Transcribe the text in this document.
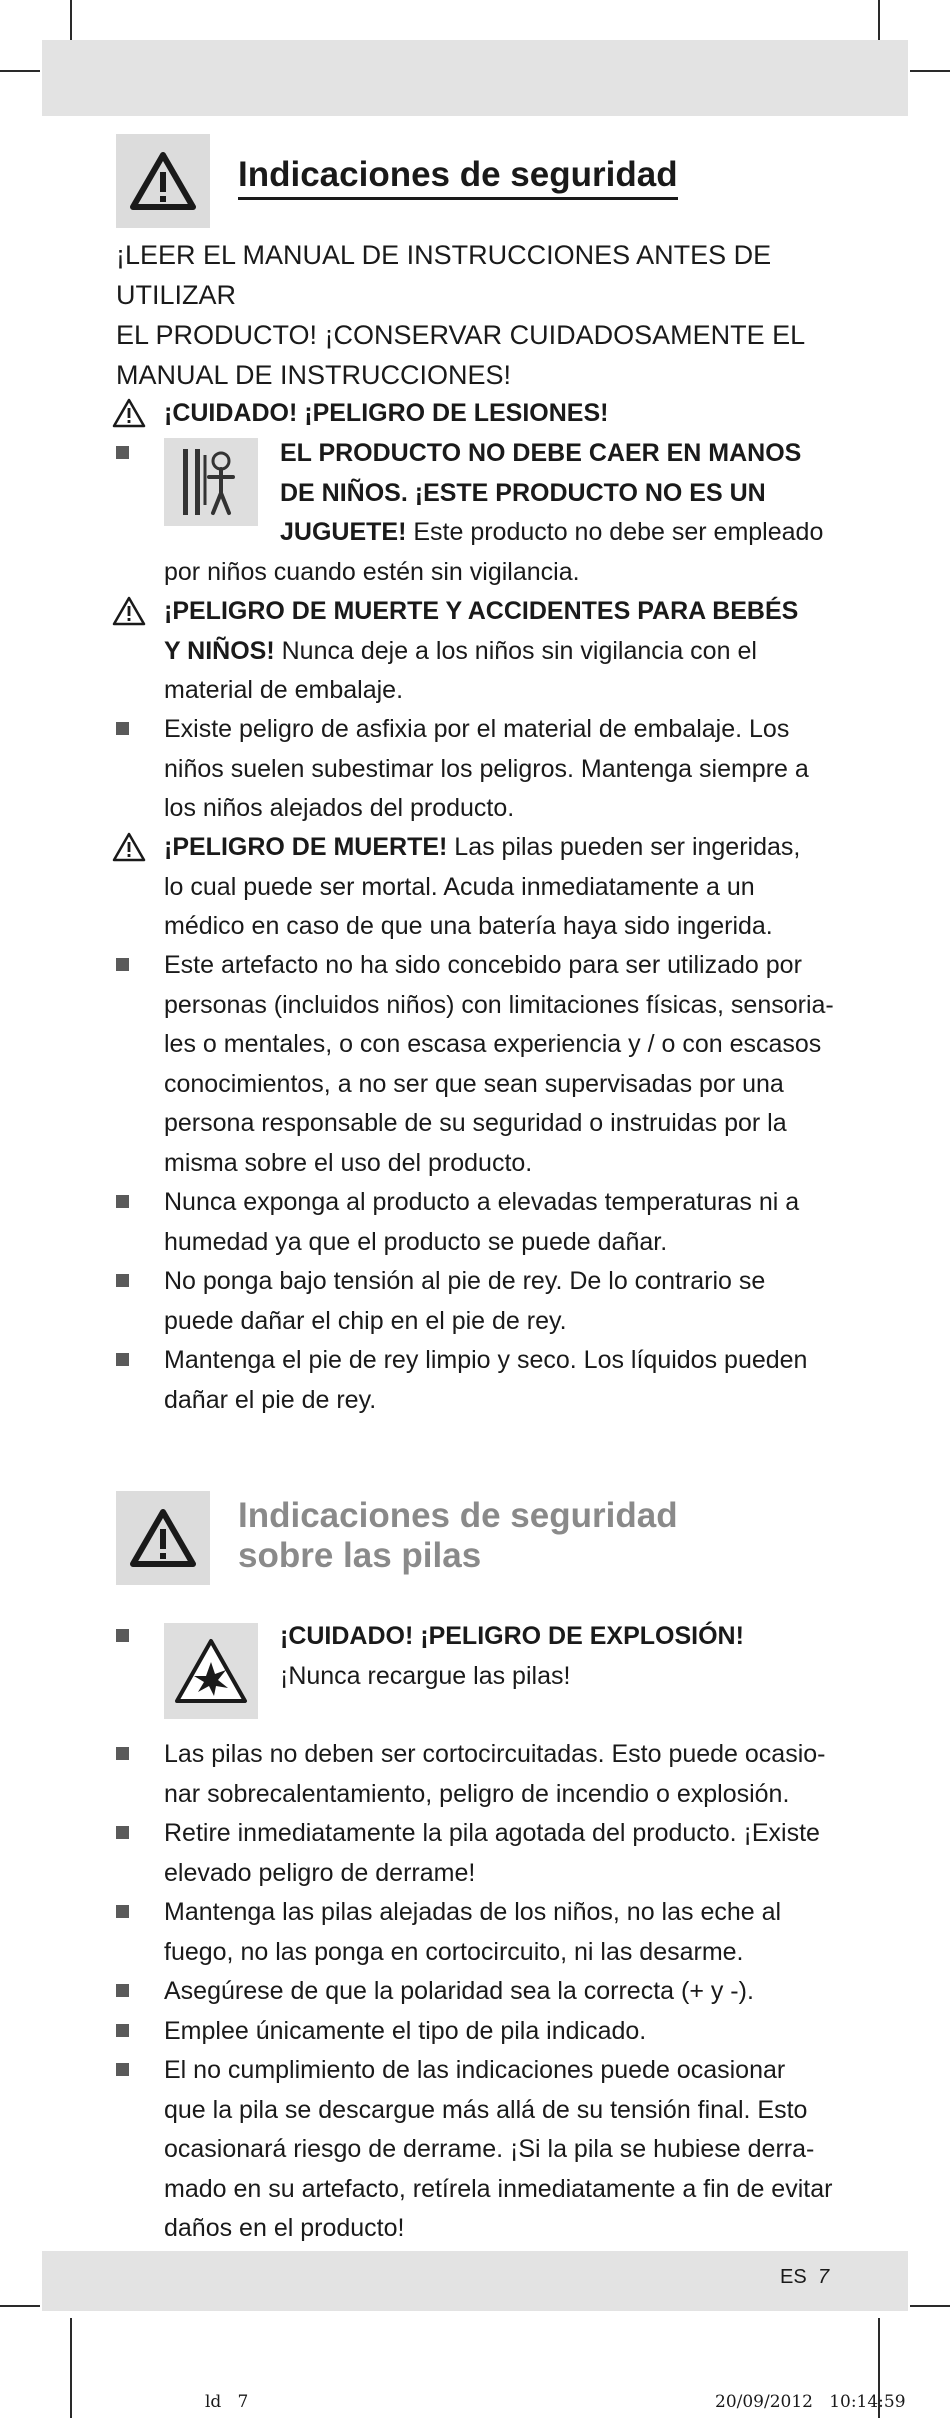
Indicaciones de seguridad
¡LEER EL MANUAL DE INSTRUCCIONES ANTES DE UTILIZAR
EL PRODUCTO! ¡CONSERVAR CUIDADOSAMENTE EL
MANUAL DE INSTRUCCIONES!
¡CUIDADO! ¡PELIGRO DE LESIONES!
EL PRODUCTO NO DEBE CAER EN MANOS
DE NIÑOS. ¡ESTE PRODUCTO NO ES UN
JUGUETE! Este producto no debe ser empleado
por niños cuando estén sin vigilancia.
¡PELIGRO DE MUERTE Y ACCIDENTES PARA BEBÉS
Y NIÑOS! Nunca deje a los niños sin vigilancia con el
material de embalaje.
Existe peligro de asfixia por el material de embalaje. Los
niños suelen subestimar los peligros. Mantenga siempre a
los niños alejados del producto.
¡PELIGRO DE MUERTE! Las pilas pueden ser ingeridas,
lo cual puede ser mortal. Acuda inmediatamente a un
médico en caso de que una batería haya sido ingerida.
Este artefacto no ha sido concebido para ser utilizado por
personas (incluidos niños) con limitaciones físicas, sensoria-
les o mentales, o con escasa experiencia y / o con escasos
conocimientos, a no ser que sean supervisadas por una
persona responsable de su seguridad o instruidas por la
misma sobre el uso del producto.
Nunca exponga al producto a elevadas temperaturas ni a
humedad ya que el producto se puede dañar.
No ponga bajo tensión al pie de rey. De lo contrario se
puede dañar el chip en el pie de rey.
Mantenga el pie de rey limpio y seco. Los líquidos pueden
dañar el pie de rey.
Indicaciones de seguridad
sobre las pilas
¡CUIDADO! ¡PELIGRO DE EXPLOSIÓN!
¡Nunca recargue las pilas!
Las pilas no deben ser cortocircuitadas. Esto puede ocasio-
nar sobrecalentamiento, peligro de incendio o explosión.
Retire inmediatamente la pila agotada del producto. ¡Existe
elevado peligro de derrame!
Mantenga las pilas alejadas de los niños, no las eche al
fuego, no las ponga en cortocircuito, ni las desarme.
Asegúrese de que la polaridad sea la correcta (+ y -).
Emplee únicamente el tipo de pila indicado.
El no cumplimiento de las indicaciones puede ocasionar
que la pila se descargue más allá de su tensión final. Esto
ocasionará riesgo de derrame. ¡Si la pila se hubiese derra-
mado en su artefacto, retírela inmediatamente a fin de evitar
daños en el producto!
ES 7
ld   7	20/09/2012   10:14:59
